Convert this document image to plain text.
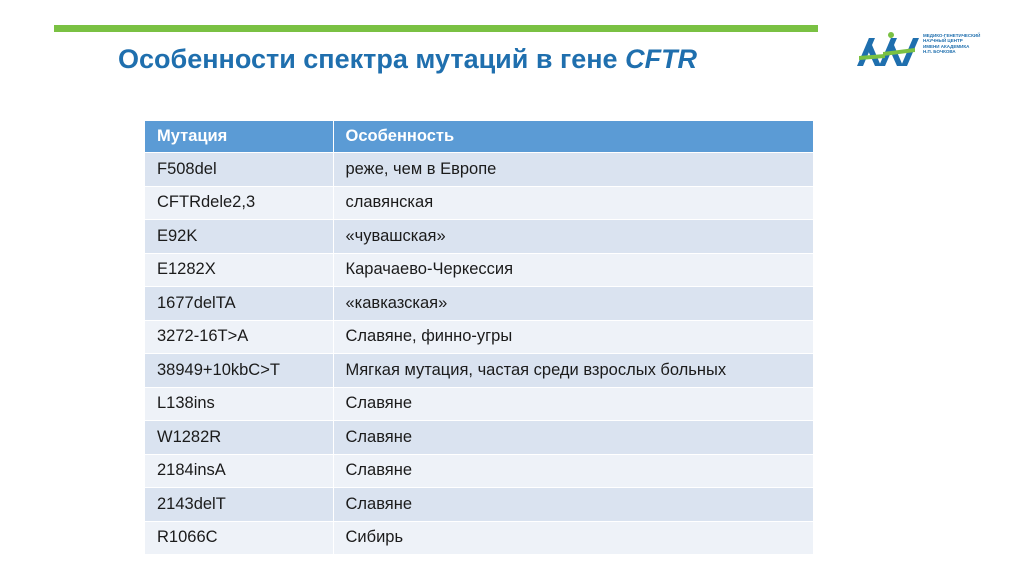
Особенности спектра мутаций в гене CFTR
МЕДИКО-ГЕНЕТИЧЕСКИЙ
НАУЧНЫЙ ЦЕНТР
ИМЕНИ АКАДЕМИКА
Н.П. БОЧКОВА
Мутация	Особенность
F508del	реже, чем в Европе
CFTRdele2,3	славянская
E92K	«чувашская»
E1282X	Карачаево-Черкессия
1677delTA	«кавказская»
3272-16T>A	Славяне, финно-угры
38949+10kbC>T	Мягкая мутация, частая среди взрослых больных
L138ins	Славяне
W1282R	Славяне
2184insA	Славяне
2143delT	Славяне
R1066C	Сибирь
